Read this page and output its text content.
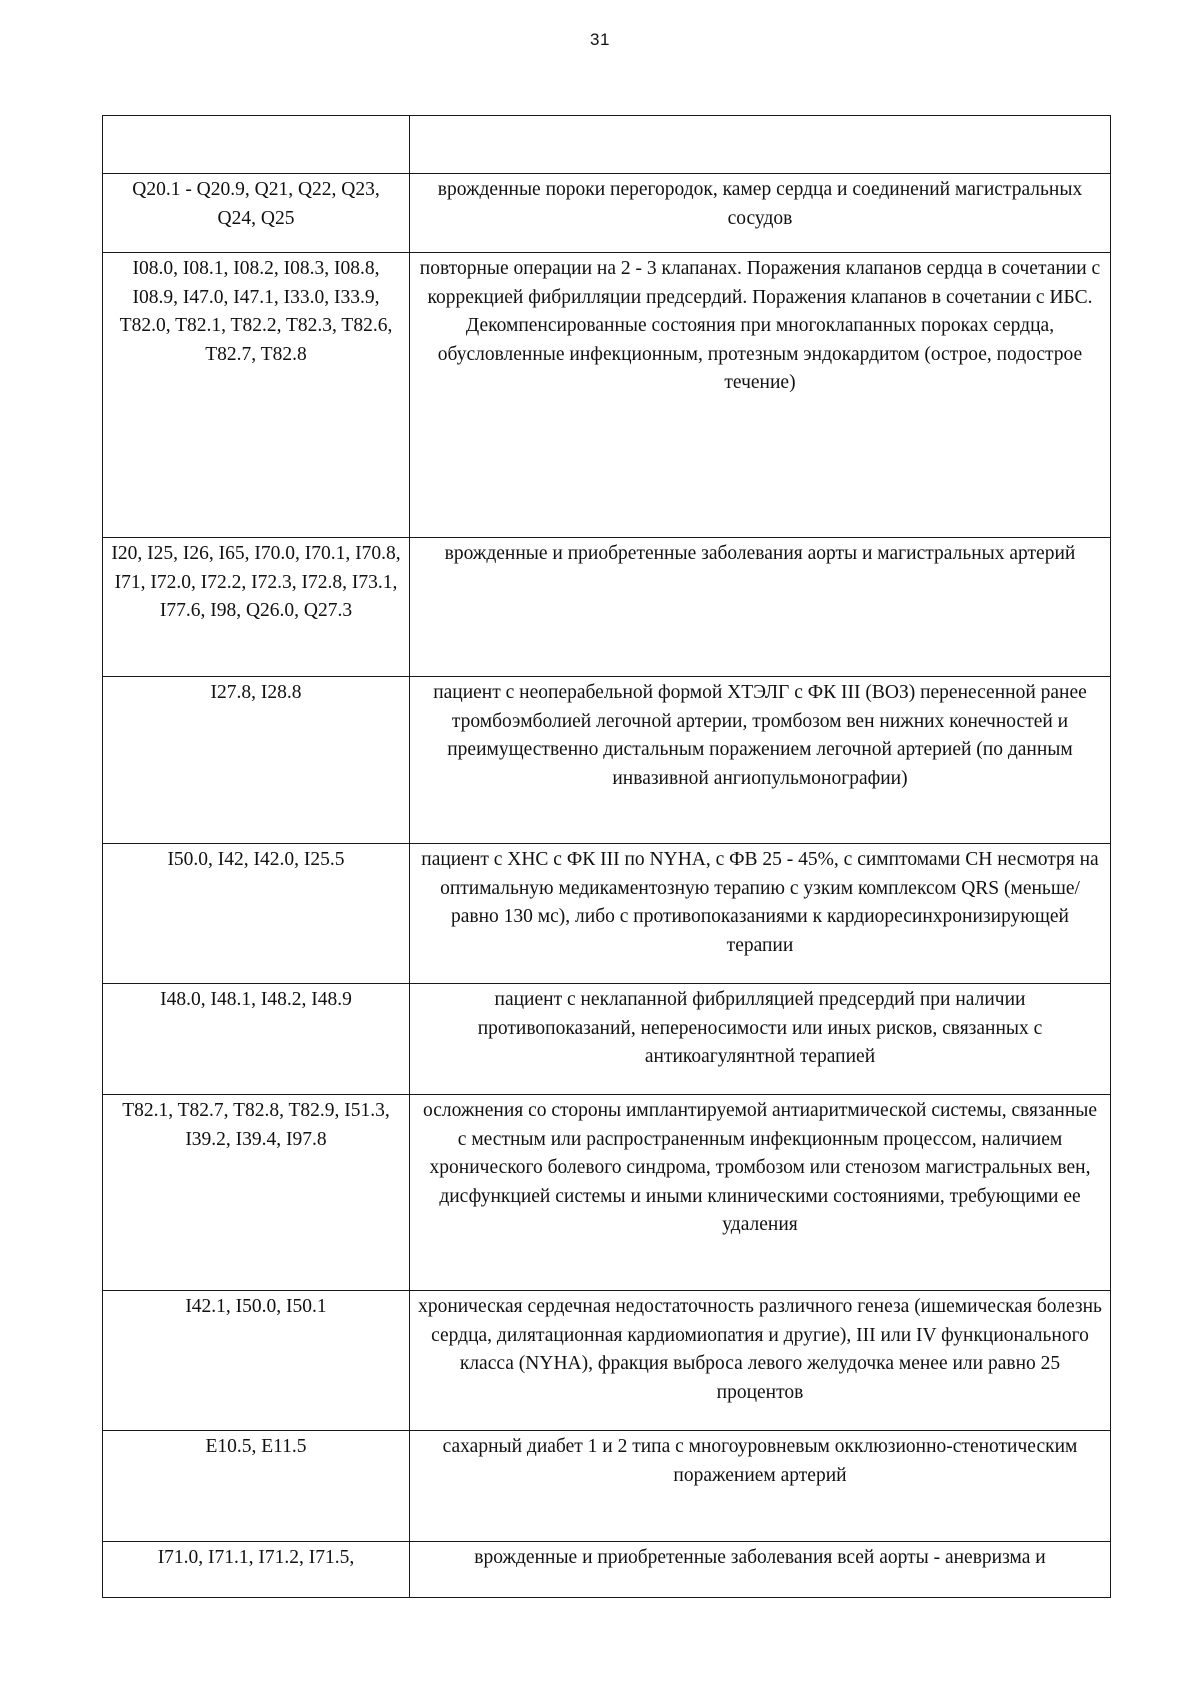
31

Q20.1 - Q20.9, Q21, Q22, Q23, Q24, Q25	врожденные пороки перегородок, камер сердца и соединений магистральных сосудов
I08.0, I08.1, I08.2, I08.3, I08.8, I08.9, I47.0, I47.1, I33.0, I33.9, T82.0, T82.1, T82.2, T82.3, T82.6, T82.7, T82.8	повторные операции на 2 - 3 клапанах. Поражения клапанов сердца в сочетании с коррекцией фибрилляции предсердий. Поражения клапанов в сочетании с ИБС. Декомпенсированные состояния при многоклапанных пороках сердца, обусловленные инфекционным, протезным эндокардитом (острое, подострое течение)
I20, I25, I26, I65, I70.0, I70.1, I70.8, I71, I72.0, I72.2, I72.3, I72.8, I73.1, I77.6, I98, Q26.0, Q27.3	врожденные и приобретенные заболевания аорты и магистральных артерий
I27.8, I28.8	пациент с неоперабельной формой ХТЭЛГ с ФК III (ВОЗ) перенесенной ранее тромбоэмболией легочной артерии, тромбозом вен нижних конечностей и преимущественно дистальным поражением легочной артерией (по данным инвазивной ангиопульмонографии)
I50.0, I42, I42.0, I25.5	пациент с ХНС с ФК III по NYHA, с ФВ 25 - 45%, с симптомами СН несмотря на оптимальную медикаментозную терапию с узким комплексом QRS (меньше/равно 130 мс), либо с противопоказаниями к кардиоресинхронизирующей терапии
I48.0, I48.1, I48.2, I48.9	пациент с неклапанной фибрилляцией предсердий при наличии противопоказаний, непереносимости или иных рисков, связанных с антикоагулянтной терапией
T82.1, T82.7, T82.8, T82.9, I51.3, I39.2, I39.4, I97.8	осложнения со стороны имплантируемой антиаритмической системы, связанные с местным или распространенным инфекционным процессом, наличием хронического болевого синдрома, тромбозом или стенозом магистральных вен, дисфункцией системы и иными клиническими состояниями, требующими ее удаления
I42.1, I50.0, I50.1	хроническая сердечная недостаточность различного генеза (ишемическая болезнь сердца, дилятационная кардиомиопатия и другие), III или IV функционального класса (NYHA), фракция выброса левого желудочка менее или равно 25 процентов
E10.5, E11.5	сахарный диабет 1 и 2 типа с многоуровневым окклюзионно-стенотическим поражением артерий
I71.0, I71.1, I71.2, I71.5,	врожденные и приобретенные заболевания всей аорты - аневризма и
